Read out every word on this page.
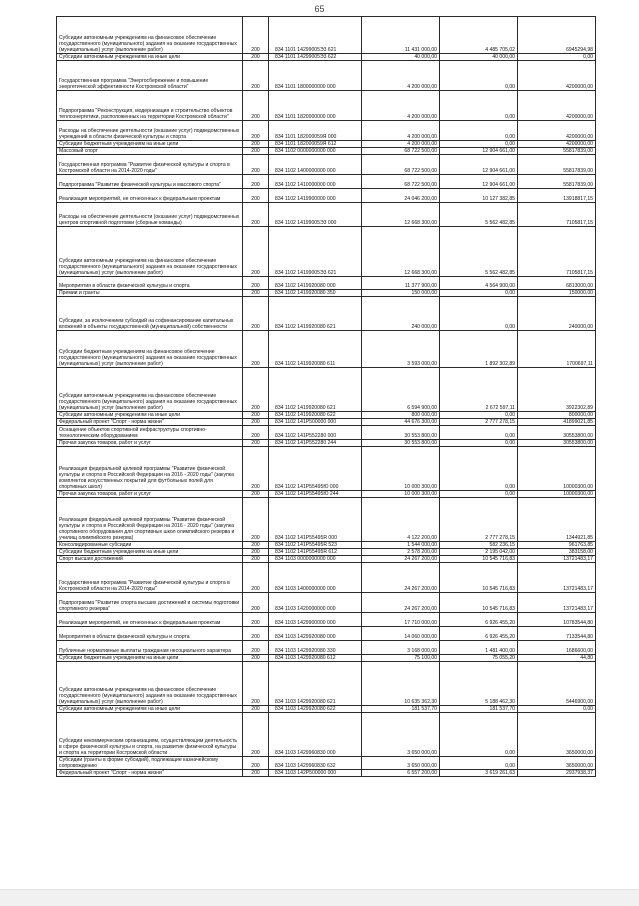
65
Субсидии автономным учреждениям на финансовое обеспечение государственного (муниципального) задания на оказание государственных (муниципальных) услуг (выполнение работ)	200	834 1101 14299005Э3 621	11 431 000,00	4 485 705,02	6945294,98
Субсидии автономным учреждениям на иные цели	200	834 1101 14299005Э3 622	40 000,00	40 000,00	0,00
Государственная программа "Энергосбережение и повышение энергетической эффективности Костромской области"	200	834 1101 1800000000 000	4 200 000,00	0,00	4200000,00
Подпрограмма "Реконструкция, модернизация и строительство объектов теплоэнергетики, расположенных на территории Костромской области"	200	834 1101 1820000000 000	4 200 000,00	0,00	4200000,00
Расходы на обеспечение деятельности (оказание услуг) подведомственных учреждений в области физической культуры и спорта	200	834 1101 182000059Я 000	4 200 000,00	0,00	4200000,00
Субсидии бюджетным учреждениям на иные цели	200	834 1101 182000059Я 612	4 200 000,00	0,00	4200000,00
Массовый спорт	200	834 1102 0000000000 000	68 722 500,00	12 904 661,00	55817839,00
Государственная программа "Развитие физической культуры и спорта в Костромской области на 2014-2020 годы"	200	834 1102 1400000000 000	68 722 500,00	12 904 661,00	55817839,00
Подпрограмма "Развитие физической культуры и массового спорта"	200	834 1102 1410000000 000	68 722 500,00	12 904 661,00	55817839,00
Реализация мероприятий, не отнесенных к федеральным проектам	200	834 1102 1419900000 000	24 046 200,00	10 127 382,85	13918817,15
Расходы на обеспечение деятельности (оказание услуг) подведомственных центров спортивной подготовки (сборные команды)	200	834 1102 14199005Э3 000	12 668 300,00	5 562 482,85	7105817,15
Субсидии автономным учреждениям на финансовое обеспечение государственного (муниципального) задания на оказание государственных (муниципальных) услуг (выполнение работ)	200	834 1102 14199005Э3 621	12 668 300,00	5 562 482,85	7105817,15
Мероприятия в области физической культуры и спорта	200	834 1102 1419920080 000	11 377 900,00	4 564 900,00	6813000,00
Премии и гранты	200	834 1102 1419920080 350	150 000,00	0,00	150000,00
Субсидии, за исключением субсидий на софинансирование капитальных вложений в объекты государственной (муниципальной) собственности	200	834 1102 1419920080 621	240 000,00	0,00	240000,00
Субсидии бюджетным учреждениям на финансовое обеспечение государственного (муниципального) задания на оказание государственных (муниципальных) услуг (выполнение работ)	200	834 1102 1419920080 611	3 593 000,00	1 892 302,89	1700697,11
Субсидии автономным учреждениям на финансовое обеспечение государственного (муниципального) задания на оказание государственных (муниципальных) услуг (выполнение работ)	200	834 1102 1419920080 621	6 594 900,00	2 672 597,11	3922302,89
Субсидии автономным учреждениям на иные цели	200	834 1102 1419920080 622	800 000,00	0,00	800000,00
Федеральный проект "Спорт - норма жизни"	200	834 1102 141P500000 000	44 676 300,00	2 777 278,15	41899021,85
Оснащение объектов спортивной инфраструктуры спортивно-технологическим оборудованием	200	834 1102 141P552280 000	30 553 800,00	0,00	30553800,00
Прочая закупка товаров, работ и услуг	200	834 1102 141P552280 244	30 553 800,00	0,00	30553800,00
Реализация федеральной целевой программы "Развитие физической культуры и спорта в Российской Федерации на 2016 - 2020 годы" (закупка комплектов искусственных покрытий для футбольных полей для спортивных школ)	200	834 1102 141P55495Ю 000	10 000 300,00	0,00	10000300,00
Прочая закупка товаров, работ и услуг	200	834 1102 141P55495Ю 244	10 000 300,00	0,00	10000300,00
Реализация федеральной целевой программы "Развитие физической культуры и спорта в Российской Федерации на 2016 - 2020 годы" (закупка спортивного оборудования для спортивных школ олимпийского резерва и училищ олимпийского резерва)	200	834 1102 141P55495R 000	4 122 200,00	2 777 278,15	1344921,85
Консолидированные субсидии	200	834 1102 141P55495R 523	1 544 000,00	582 236,15	961763,85
Субсидии бюджетным учреждениям на иные цели	200	834 1102 141P55495R 612	2 578 200,00	2 195 042,00	383158,00
Спорт высших достижений	200	834 1103 0000000000 000	24 267 200,00	10 545 716,83	13721483,17
Государственная программа "Развитие физической культуры и спорта в Костромской области на 2014-2020 годы"	200	834 1103 1400000000 000	24 267 200,00	10 545 716,83	13721483,17
Подпрограмма "Развитие спорта высших достижений и системы подготовки спортивного резерва"	200	834 1103 1420000000 000	24 267 200,00	10 545 716,83	13721483,17
Реализация мероприятий, не отнесенных к федеральным проектам	200	834 1103 1429900000 000	17 710 000,00	6 926 455,20	10783544,80
Мероприятия в области физической культуры и спорта	200	834 1103 1429920080 000	14 060 000,00	6 926 455,20	7133544,80
Публичные нормативные выплаты гражданам несоциального характера	200	834 1103 1429920080 330	3 168 000,00	1 481 400,00	1686600,00
Субсидии бюджетным учреждениям на иные цели	200	834 1103 1429920080 612	75 100,00	75 055,20	44,80
Субсидии автономным учреждениям на финансовое обеспечение государственного (муниципального) задания на оказание государственных (муниципальных) услуг (выполнение работ)	200	834 1103 1429920080 621	10 635 362,30	5 188 462,30	5446900,00
Субсидии автономным учреждениям на иные цели	200	834 1103 1429920080 622	181 537,70	181 537,70	0,00
Субсидии некоммерческим организациям, осуществляющим деятельность в сфере физической культуры и спорта, на развитие физической культуры и спорта на территории Костромской области	200	834 1103 1429960830 000	3 650 000,00	0,00	3650000,00
Субсидии (гранты в форме субсидий), подлежащие казначейскому сопровождению	200	834 1103 1429960830 632	3 650 000,00	0,00	3650000,00
Федеральный проект "Спорт - норма жизни"	200	834 1103 142P500000 000	6 557 200,00	3 619 261,63	2937938,37
